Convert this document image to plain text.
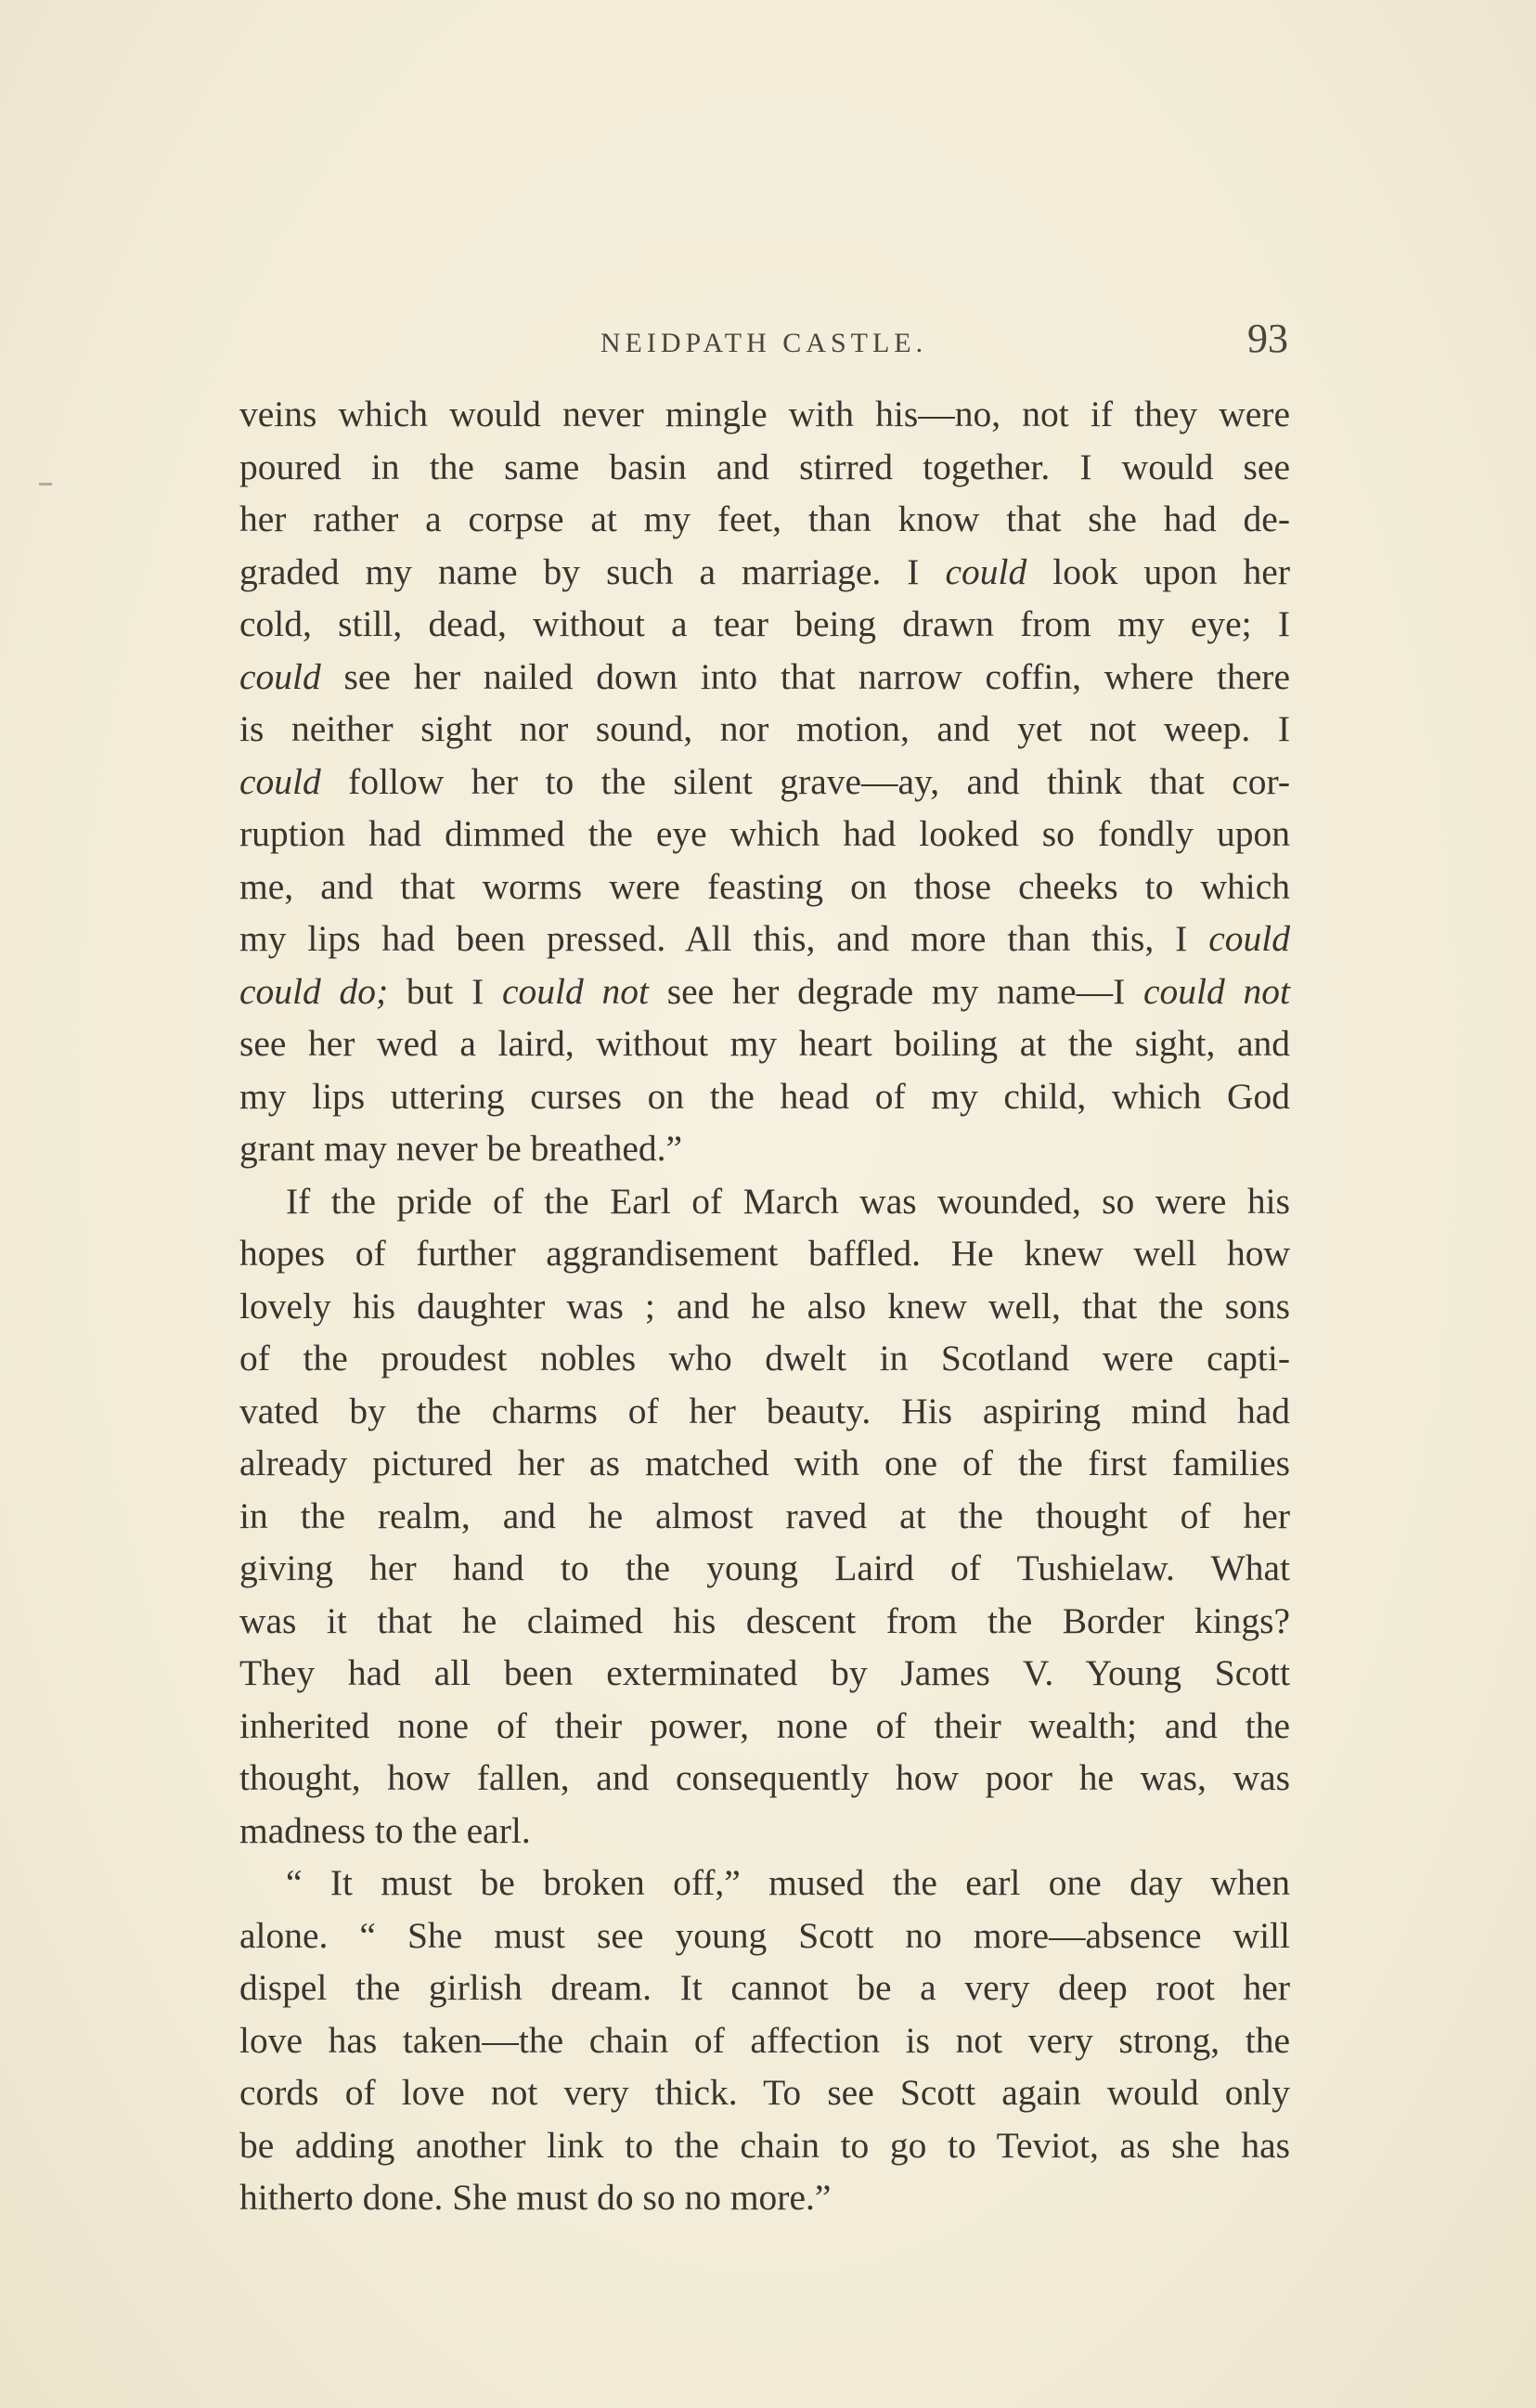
NEIDPATH CASTLE.	93
veins which would never mingle with his—no, not if they were
poured in the same basin and stirred together. I would see
her rather a corpse at my feet, than know that she had de-
graded my name by such a marriage. I could look upon her
cold, still, dead, without a tear being drawn from my eye; I
could see her nailed down into that narrow coffin, where there
is neither sight nor sound, nor motion, and yet not weep. I
could follow her to the silent grave—ay, and think that cor-
ruption had dimmed the eye which had looked so fondly upon
me, and that worms were feasting on those cheeks to which
my lips had been pressed. All this, and more than this, I could
could do; but I could not see her degrade my name—I could not
see her wed a laird, without my heart boiling at the sight, and
my lips uttering curses on the head of my child, which God
grant may never be breathed.”
If the pride of the Earl of March was wounded, so were his
hopes of further aggrandisement baffled. He knew well how
lovely his daughter was ; and he also knew well, that the sons
of the proudest nobles who dwelt in Scotland were capti-
vated by the charms of her beauty. His aspiring mind had
already pictured her as matched with one of the first families
in the realm, and he almost raved at the thought of her
giving her hand to the young Laird of Tushielaw. What
was it that he claimed his descent from the Border kings?
They had all been exterminated by James V. Young Scott
inherited none of their power, none of their wealth; and the
thought, how fallen, and consequently how poor he was, was
madness to the earl.
“ It must be broken off,” mused the earl one day when
alone. “ She must see young Scott no more—absence will
dispel the girlish dream. It cannot be a very deep root her
love has taken—the chain of affection is not very strong, the
cords of love not very thick. To see Scott again would only
be adding another link to the chain to go to Teviot, as she has
hitherto done. She must do so no more.”
